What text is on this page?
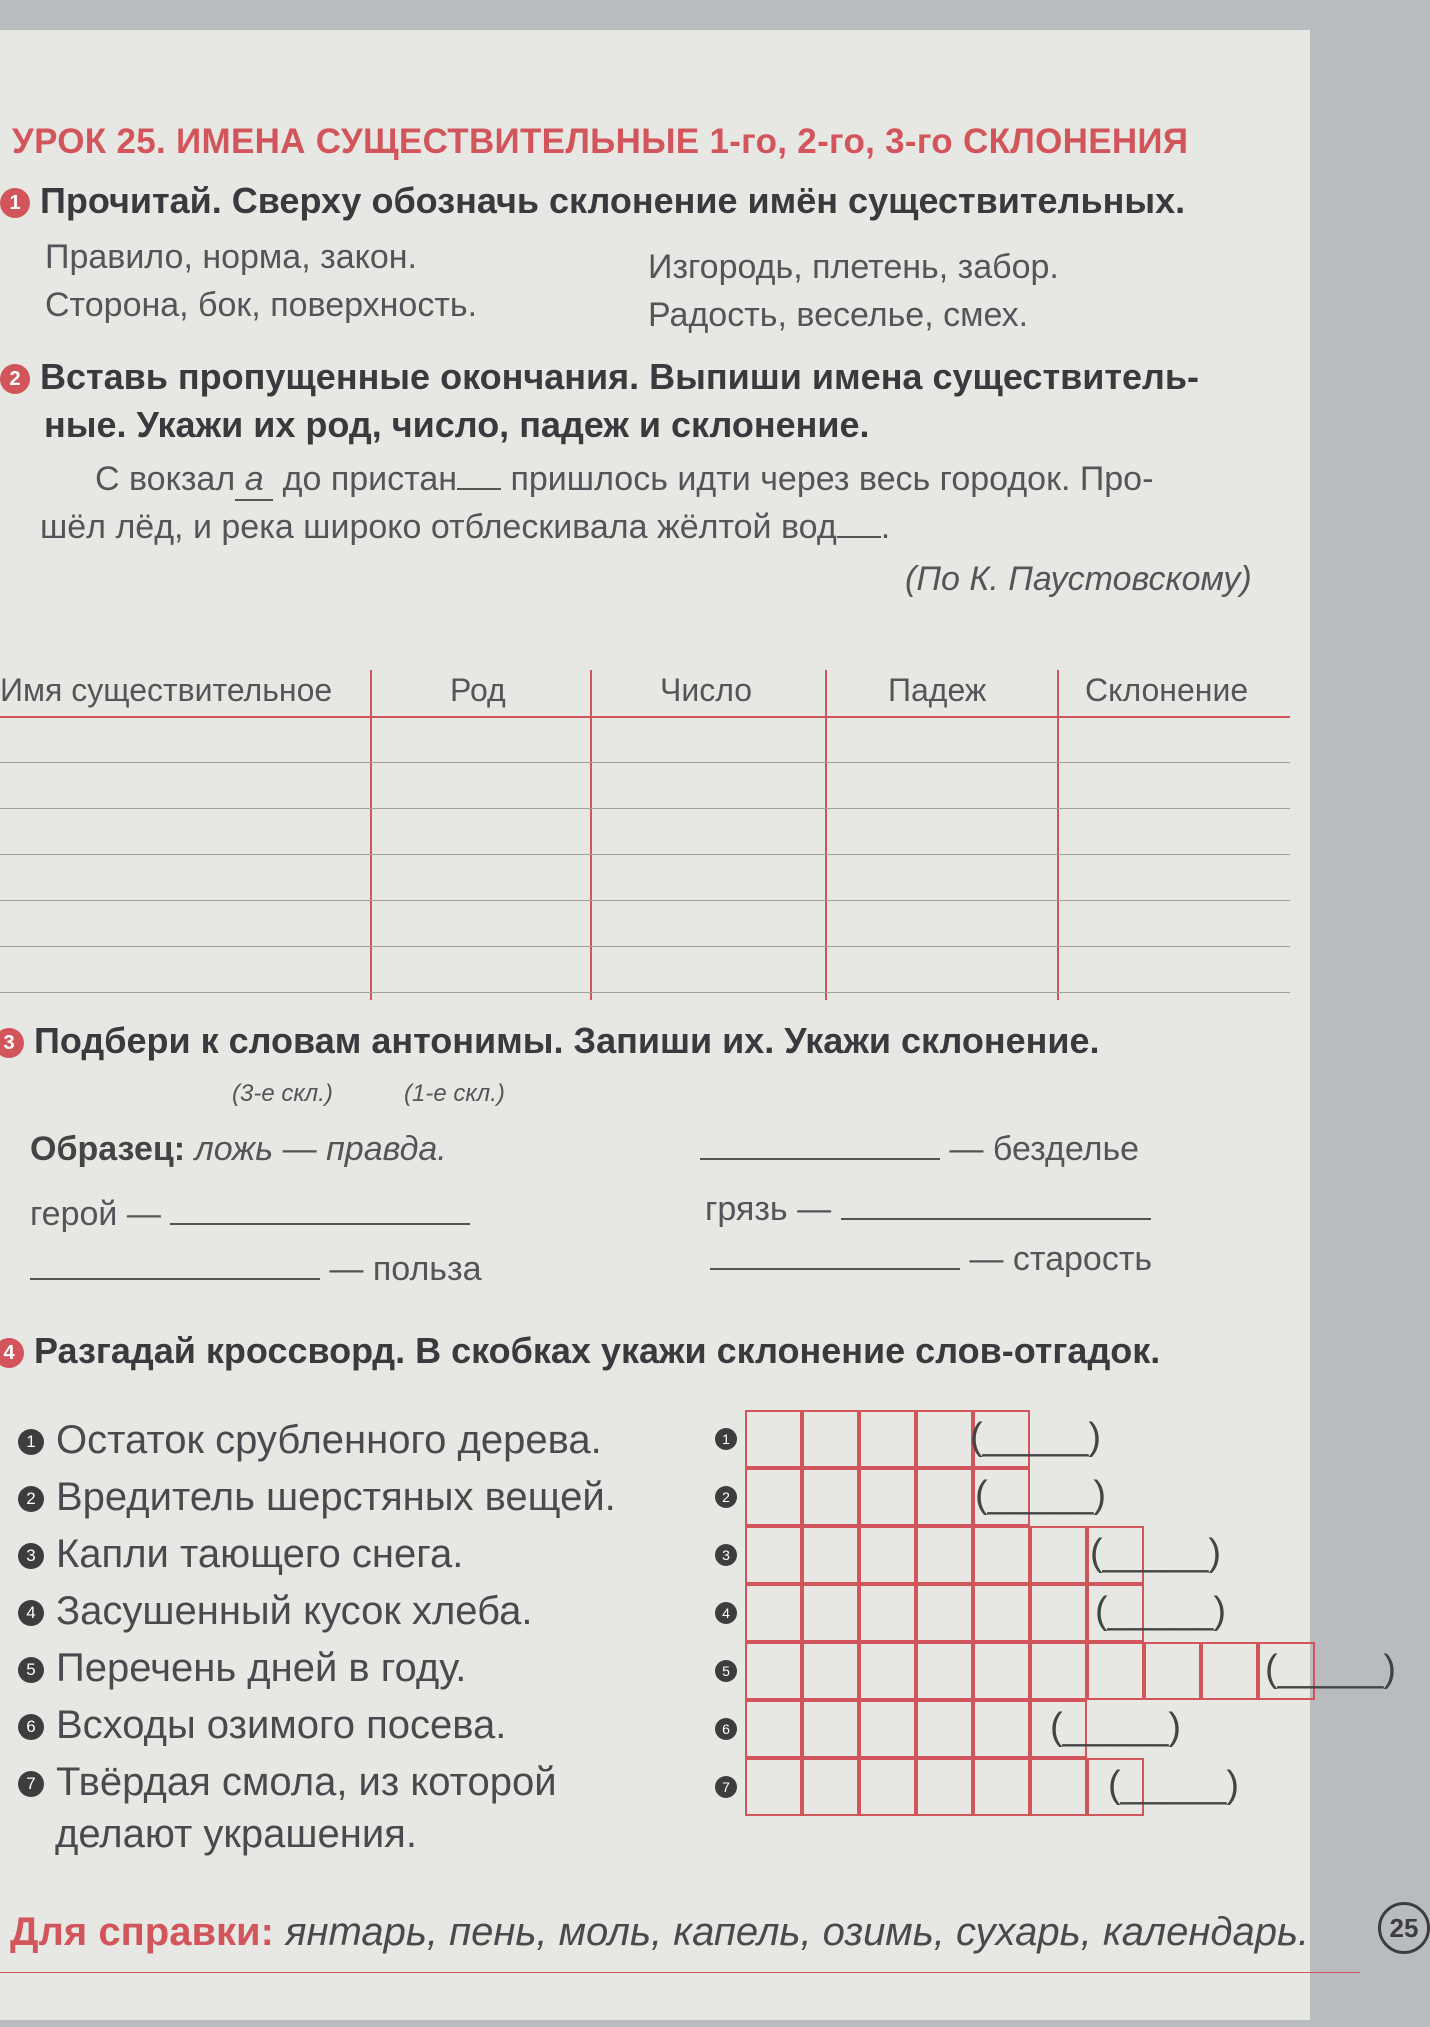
УРОК 25. ИМЕНА СУЩЕСТВИТЕЛЬНЫЕ 1-го, 2-го, 3-го СКЛОНЕНИЯ
1 Прочитай. Сверху обозначь склонение имён существительных.
Правило, норма, закон.	Изгородь, плетень, забор.
Сторона, бок, поверхность.	Радость, веселье, смех.
2 Вставь пропущенные окончания. Выпиши имена существитель-
ные. Укажи их род, число, падеж и склонение.
С вокзал а до пристан пришлось идти через весь городок. Про-
шёл лёд, и река широко отблескивала жёлтой вод .
(По К. Паустовскому)
Имя существительное	Род	Число	Падеж	Склонение
3 Подбери к словам антонимы. Запиши их. Укажи склонение.
(3-е скл.)	(1-е скл.)
Образец: ложь — правда.	— безделье
герой —	грязь —
— польза	— старость
4 Разгадай кроссворд. В скобках укажи склонение слов-отгадок.
1 Остаток срубленного дерева.
2 Вредитель шерстяных вещей.
3 Капли тающего снега.
4 Засушенный кусок хлеба.
5 Перечень дней в году.
6 Всходы озимого посева.
7 Твёрдая смола, из которой
делают украшения.
Для справки: янтарь, пень, моль, капель, озимь, сухарь, календарь.
1	(_____)
2	(_____)
3	(_____)
4	(_____)
5	(_____)
6	(_____)
7	(_____)
25
